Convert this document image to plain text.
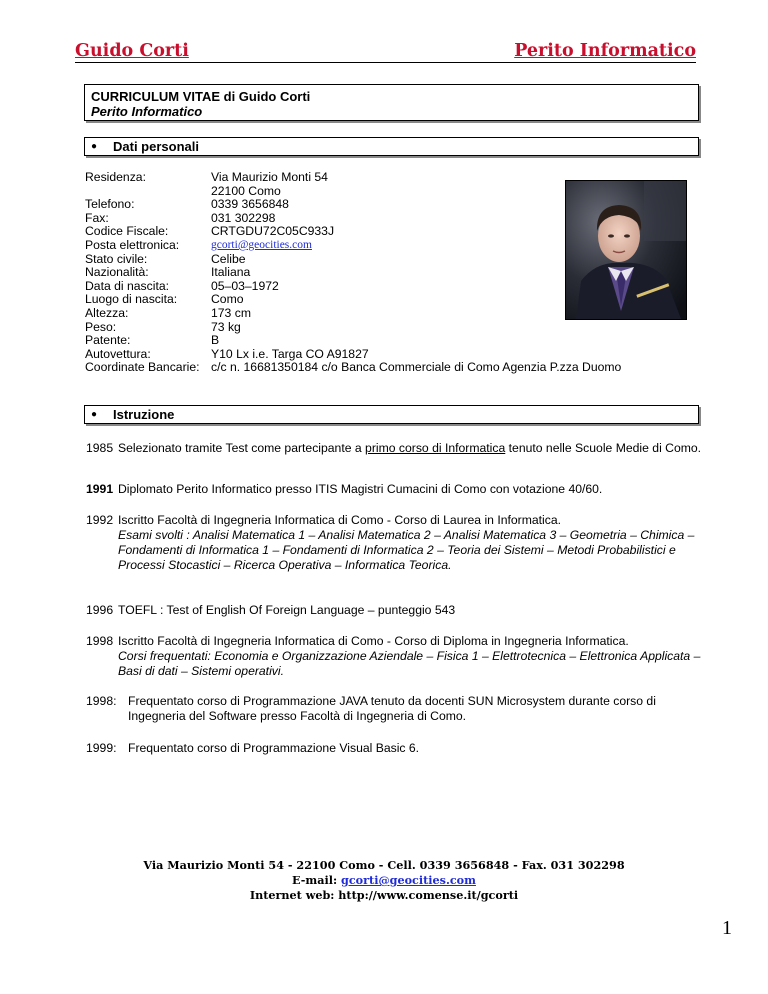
Guido Corti	Perito Informatico
CURRICULUM VITAE di Guido Corti
Perito Informatico
● Dati personali
Residenza:	Via Maurizio Monti 54
22100 Como
Telefono:	0339 3656848
Fax:	031 302298
Codice Fiscale:	CRTGDU72C05C933J
Posta elettronica:	gcorti@geocities.com
Stato civile:	Celibe
Nazionalità:	Italiana
Data di nascita:	05–03–1972
Luogo di nascita:	Como
Altezza:	173 cm
Peso:	73 kg
Patente:	B
Autovettura:	Y10 Lx i.e. Targa CO A91827
Coordinate Bancarie: c/c n. 16681350184 c/o Banca Commerciale di Como Agenzia P.zza Duomo
● Istruzione
1985 Selezionato tramite Test come partecipante a primo corso di Informatica tenuto nelle Scuole Medie di Como.
1991 Diplomato Perito Informatico presso ITIS Magistri Cumacini di Como con votazione 40/60.
1992 Iscritto Facoltà di Ingegneria Informatica di Como - Corso di Laurea in Informatica.
Esami svolti : Analisi Matematica 1 – Analisi Matematica 2 – Analisi Matematica 3 – Geometria – Chimica – Fondamenti di Informatica 1 – Fondamenti di Informatica 2 – Teoria dei Sistemi – Metodi Probabilistici e Processi Stocastici – Ricerca Operativa – Informatica Teorica.
1996 TOEFL : Test of English Of Foreign Language – punteggio 543
1998 Iscritto Facoltà di Ingegneria Informatica di Como - Corso di Diploma in Ingegneria Informatica.
Corsi frequentati: Economia e Organizzazione Aziendale – Fisica 1 – Elettrotecnica – Elettronica Applicata – Basi di dati – Sistemi operativi.
1998: Frequentato corso di Programmazione JAVA tenuto da docenti SUN Microsystem durante corso di Ingegneria del Software presso Facoltà di Ingegneria di Como.
1999: Frequentato corso di Programmazione Visual Basic 6.
Via Maurizio Monti 54 - 22100 Como - Cell. 0339 3656848 - Fax. 031 302298
E-mail: gcorti@geocities.com
Internet web: http://www.comense.it/gcorti
1
